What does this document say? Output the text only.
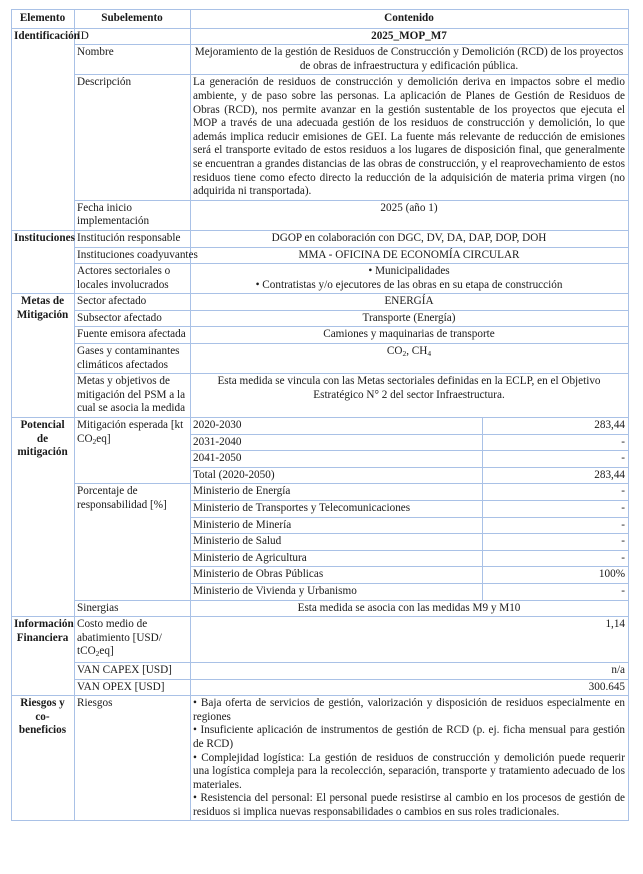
Elemento	Subelemento	Contenido	
Identificación	ID	2025_MOP_M7	
	Nombre	Mejoramiento de la gestión de Residuos de Construcción y Demolición (RCD) de los proyectos de obras de infraestructura y edificación pública.	
	Descripción	La generación de residuos de construcción y demolición deriva en impactos sobre el medio ambiente, y de paso sobre las personas. La aplicación de Planes de Gestión de Residuos de Obras (RCD), nos permite avanzar en la gestión sustentable de los proyectos que ejecuta el MOP a través de una adecuada gestión de los residuos de construcción y demolición, lo que además implica reducir emisiones de GEI. La fuente más relevante de reducción de emisiones será el transporte evitado de estos residuos a los lugares de disposición final, que generalmente se encuentran a grandes distancias de las obras de construcción, y el reaprovechamiento de estos residuos tiene como efecto directo la reducción de la adquisición de materia prima virgen (no adquirida ni transportada).	
	Fecha inicio implementación	2025 (año 1)	
Instituciones	Institución responsable	DGOP en colaboración con DGC, DV, DA, DAP, DOP, DOH	
	Instituciones coadyuvantes	MMA - OFICINA DE ECONOMÍA CIRCULAR	
	Actores sectoriales o locales involucrados	• Municipalidades
• Contratistas y/o ejecutores de las obras en su etapa de construcción	

Metas de Mitigación	Sector afectado	ENERGÍA	
	Subsector afectado	Transporte (Energía)	
	Fuente emisora afectada	Camiones y maquinarias de transporte	
	Gases y contaminantes climáticos afectados	CO2, CH4	
	Metas y objetivos de mitigación del PSM a la cual se asocia la medida	Esta medida se vincula con las Metas sectoriales definidas en la ECLP, en el Objetivo Estratégico N° 2 del sector Infraestructura.	
Potencial de mitigación	Mitigación esperada [kt CO2eq]	2020-2030	283,44
		2031-2040	-
		2041-2050	-
		Total (2020-2050)	283,44
	Porcentaje de responsabilidad [%]	Ministerio de Energía	-
		Ministerio de Transportes y Telecomunicaciones	-
		Ministerio de Minería	-
		Ministerio de Salud	-
		Ministerio de Agricultura	-
		Ministerio de Obras Públicas	100%
		Ministerio de Vivienda y Urbanismo	-
	Sinergias	Esta medida se asocia con las medidas M9 y M10	
Información Financiera	Costo medio de abatimiento [USD/ tCO2eq]	1,14	
	VAN CAPEX [USD]	n/a	
	VAN OPEX [USD]	300.645	
Riesgos y co-beneficios	Riesgos	• Baja oferta de servicios de gestión, valorización y disposición de residuos especialmente en regiones
• Insuficiente aplicación de instrumentos de gestión de RCD (p. ej. ficha mensual para gestión de RCD)
• Complejidad logística: La gestión de residuos de construcción y demolición puede requerir una logística compleja para la recolección, separación, transporte y tratamiento adecuado de los materiales.
• Resistencia del personal: El personal puede resistirse al cambio en los procesos de gestión de residuos si implica nuevas responsabilidades o cambios en sus roles tradicionales.	
